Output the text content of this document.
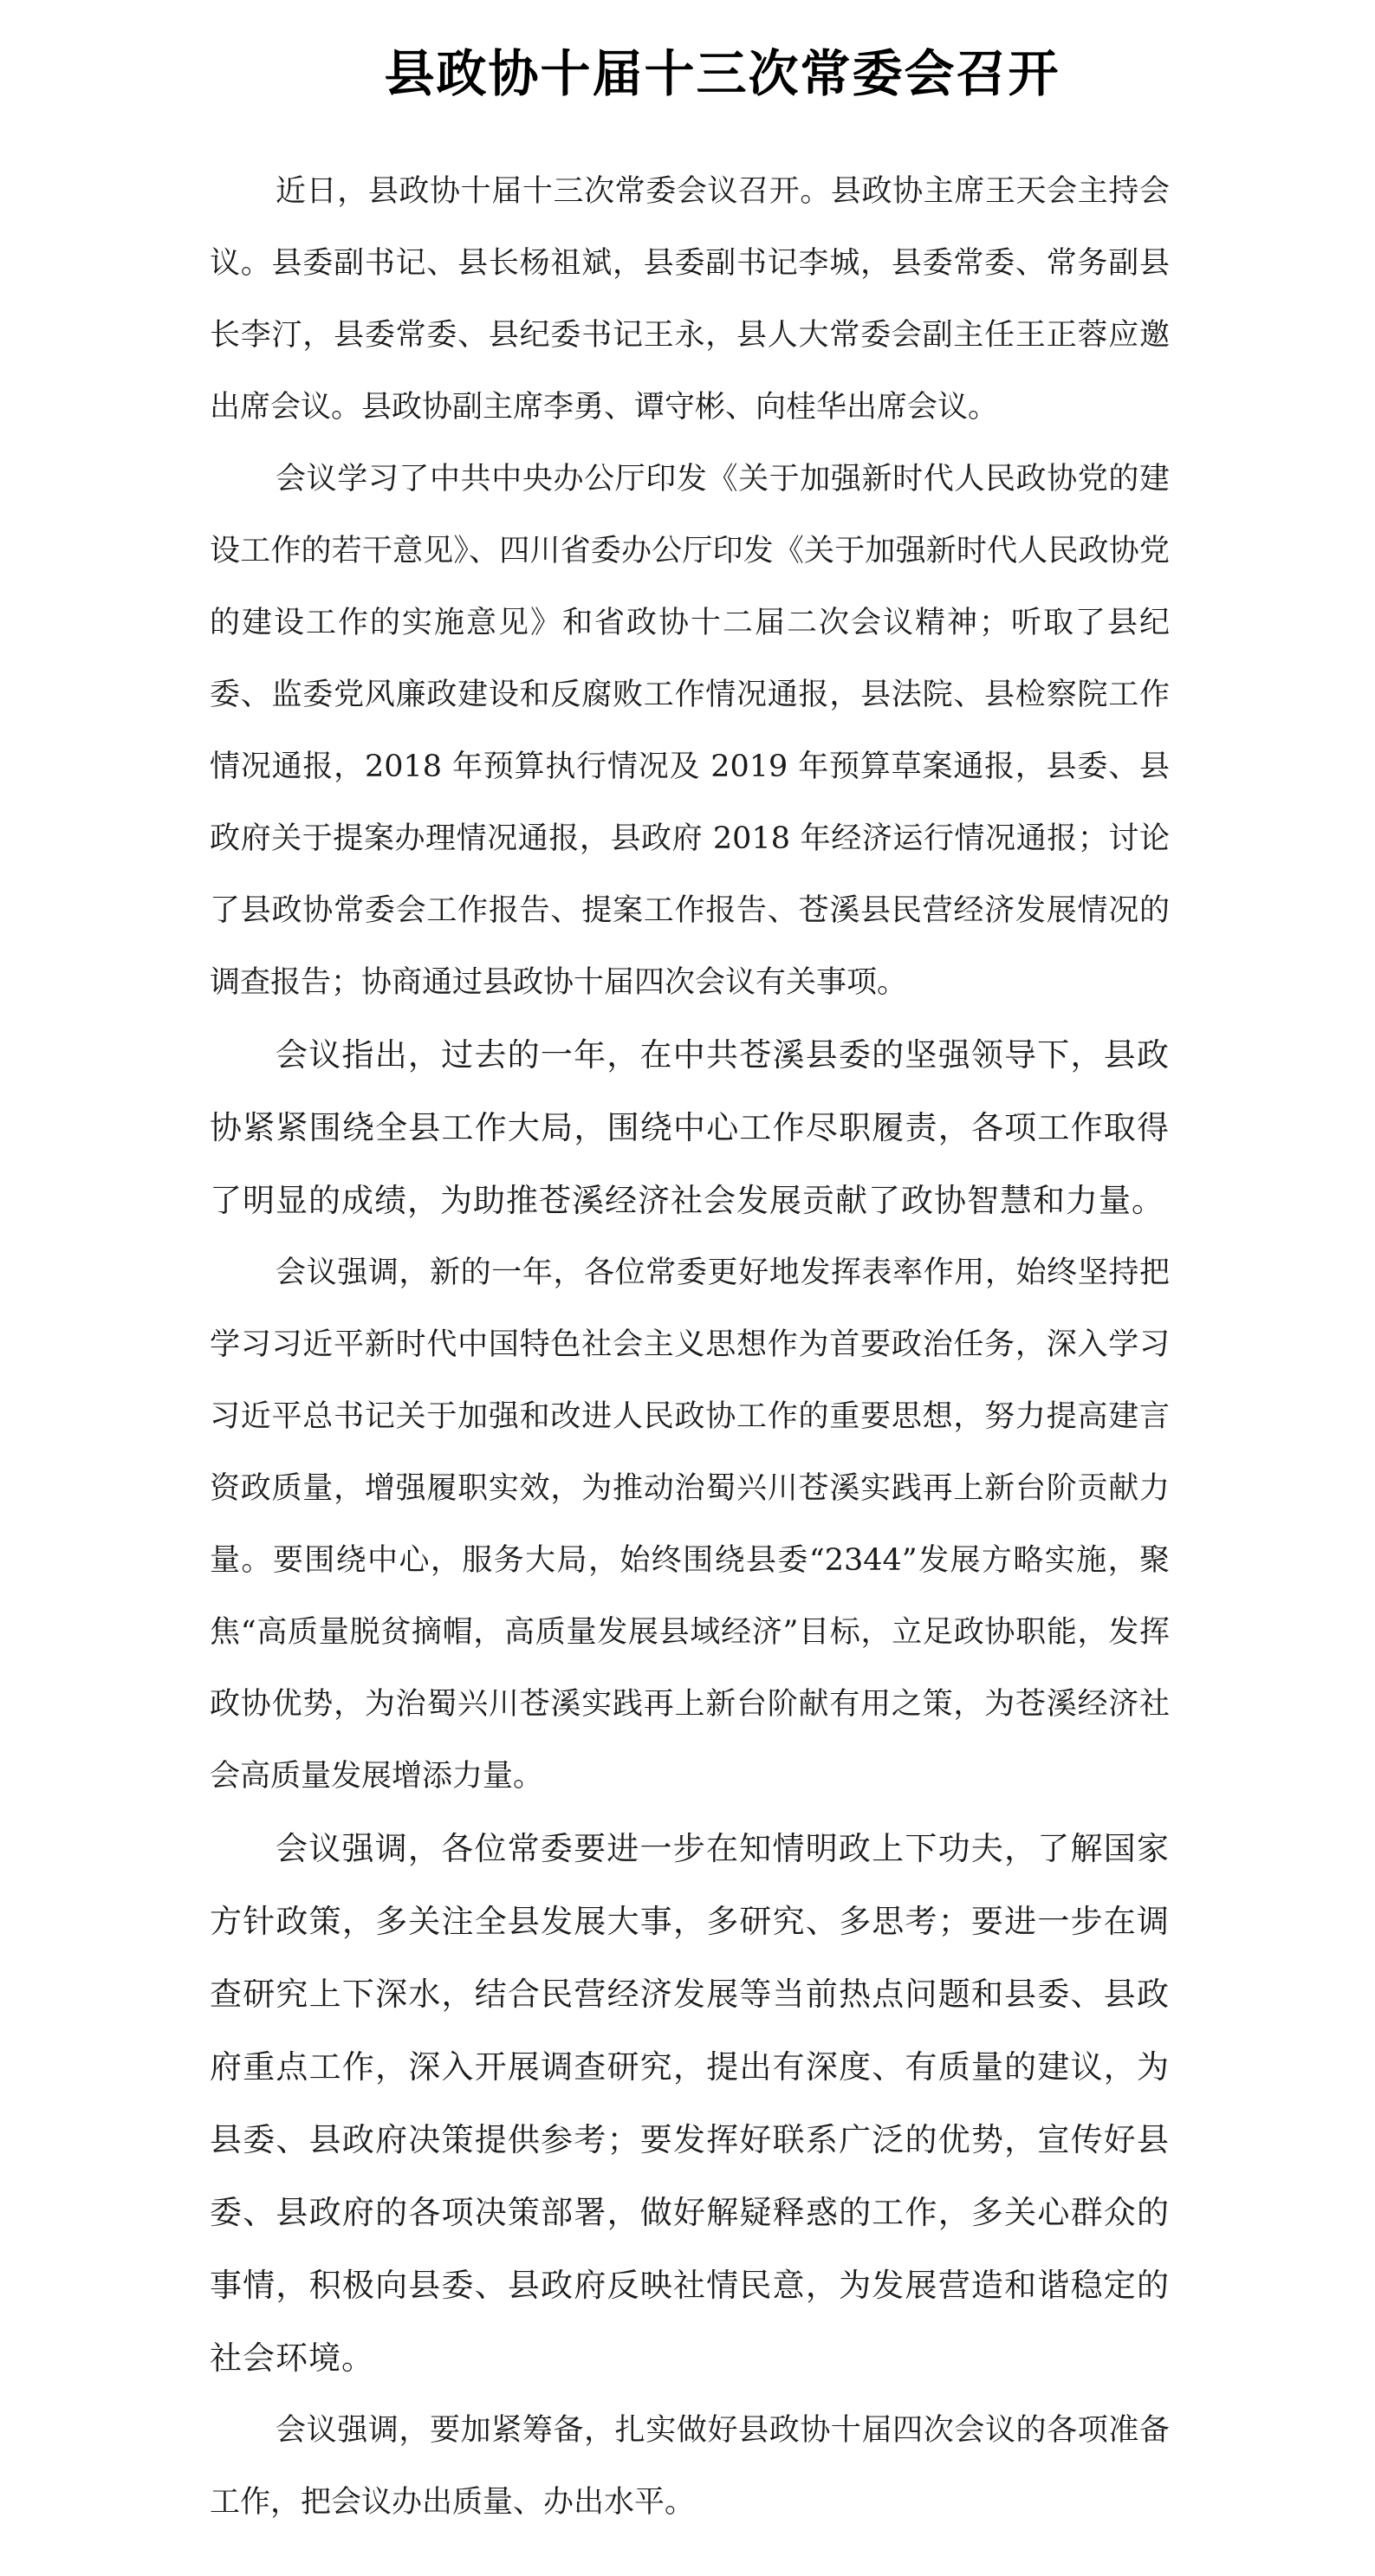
县政协十届十三次常委会召开

近日，县政协十届十三次常委会议召开。县政协主席王天会主持会议。县委副书记、县长杨祖斌，县委副书记李城，县委常委、常务副县长李汀，县委常委、县纪委书记王永，县人大常委会副主任王正蓉应邀出席会议。县政协副主席李勇、谭守彬、向桂华出席会议。

会议学习了中共中央办公厅印发《关于加强新时代人民政协党的建设工作的若干意见》、四川省委办公厅印发《关于加强新时代人民政协党的建设工作的实施意见》和省政协十二届二次会议精神；听取了县纪委、监委党风廉政建设和反腐败工作情况通报，县法院、县检察院工作情况通报，2018 年预算执行情况及 2019 年预算草案通报，县委、县政府关于提案办理情况通报，县政府 2018 年经济运行情况通报；讨论了县政协常委会工作报告、提案工作报告、苍溪县民营经济发展情况的调查报告；协商通过县政协十届四次会议有关事项。

会议指出，过去的一年，在中共苍溪县委的坚强领导下，县政协紧紧围绕全县工作大局，围绕中心工作尽职履责，各项工作取得了明显的成绩，为助推苍溪经济社会发展贡献了政协智慧和力量。

会议强调，新的一年，各位常委更好地发挥表率作用，始终坚持把学习习近平新时代中国特色社会主义思想作为首要政治任务，深入学习习近平总书记关于加强和改进人民政协工作的重要思想，努力提高建言资政质量，增强履职实效，为推动治蜀兴川苍溪实践再上新台阶贡献力量。要围绕中心，服务大局，始终围绕县委“2344”发展方略实施，聚焦“高质量脱贫摘帽，高质量发展县域经济”目标，立足政协职能，发挥政协优势，为治蜀兴川苍溪实践再上新台阶献有用之策，为苍溪经济社会高质量发展增添力量。

会议强调，各位常委要进一步在知情明政上下功夫，了解国家方针政策，多关注全县发展大事，多研究、多思考；要进一步在调查研究上下深水，结合民营经济发展等当前热点问题和县委、县政府重点工作，深入开展调查研究，提出有深度、有质量的建议，为县委、县政府决策提供参考；要发挥好联系广泛的优势，宣传好县委、县政府的各项决策部署，做好解疑释惑的工作，多关心群众的事情，积极向县委、县政府反映社情民意，为发展营造和谐稳定的社会环境。

会议强调，要加紧筹备，扎实做好县政协十届四次会议的各项准备工作，把会议办出质量、办出水平。
